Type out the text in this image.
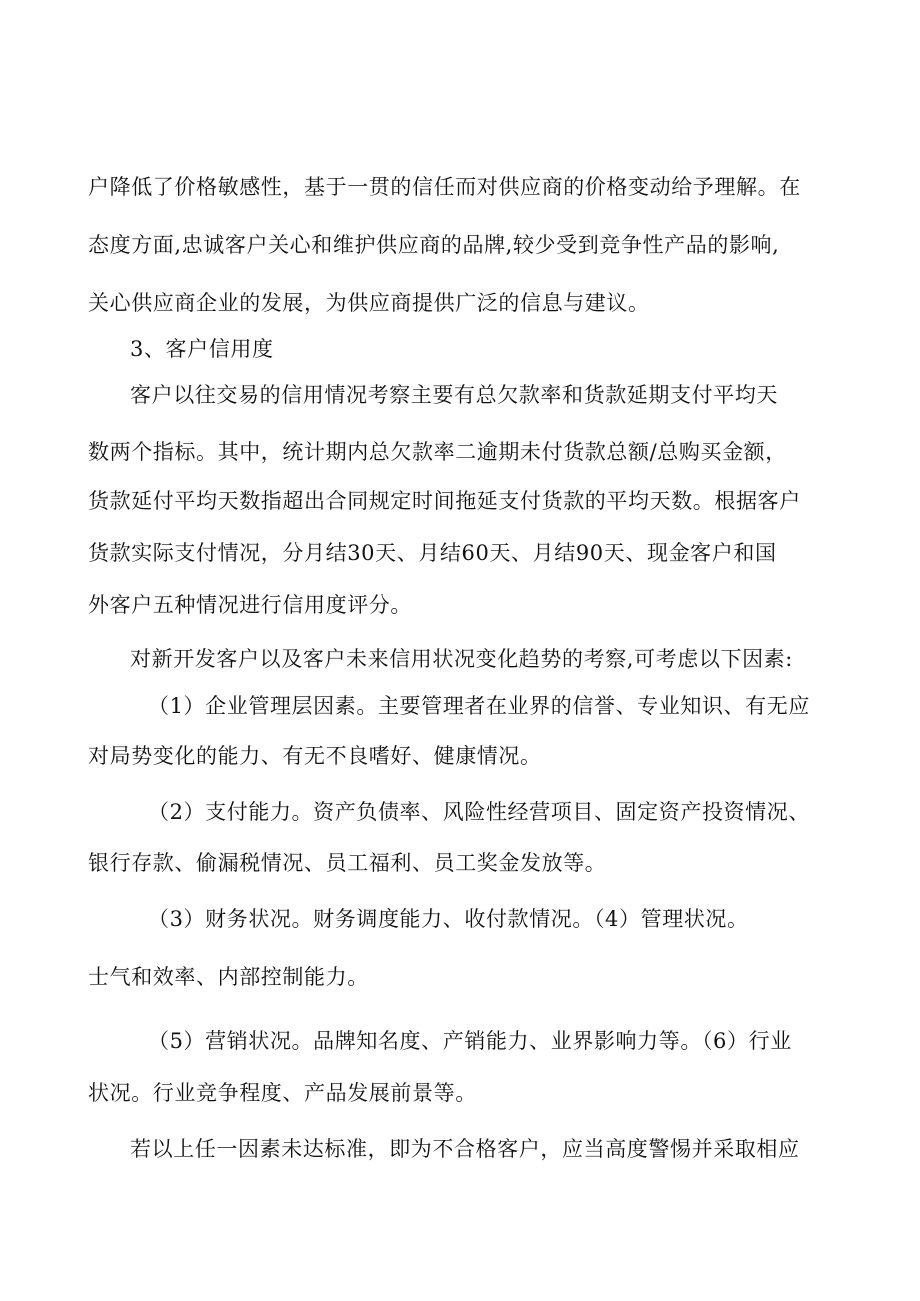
户降低了价格敏感性，基于一贯的信任而对供应商的价格变动给予理解。在
态度方面,忠诚客户关心和维护供应商的品牌,较少受到竞争性产品的影响,
关心供应商企业的发展，为供应商提供广泛的信息与建议。
3、客户信用度
客户以往交易的信用情况考察主要有总欠款率和货款延期支付平均天
数两个指标。其中，统计期内总欠款率二逾期未付货款总额/总购买金额，
货款延付平均天数指超出合同规定时间拖延支付货款的平均天数。根据客户
货款实际支付情况，分月结30天、月结60天、月结90天、现金客户和国
外客户五种情况进行信用度评分。
对新开发客户以及客户未来信用状况变化趋势的考察,可考虑以下因素:
（1）企业管理层因素。主要管理者在业界的信誉、专业知识、有无应
对局势变化的能力、有无不良嗜好、健康情况。
（2）支付能力。资产负债率、风险性经营项目、固定资产投资情况、
银行存款、偷漏税情况、员工福利、员工奖金发放等。
（3）财务状况。财务调度能力、收付款情况。（4）管理状况。
士气和效率、内部控制能力。
（5）营销状况。品牌知名度、产销能力、业界影响力等。（6）行业
状况。行业竞争程度、产品发展前景等。
若以上任一因素未达标准，即为不合格客户，应当高度警惕并采取相应
